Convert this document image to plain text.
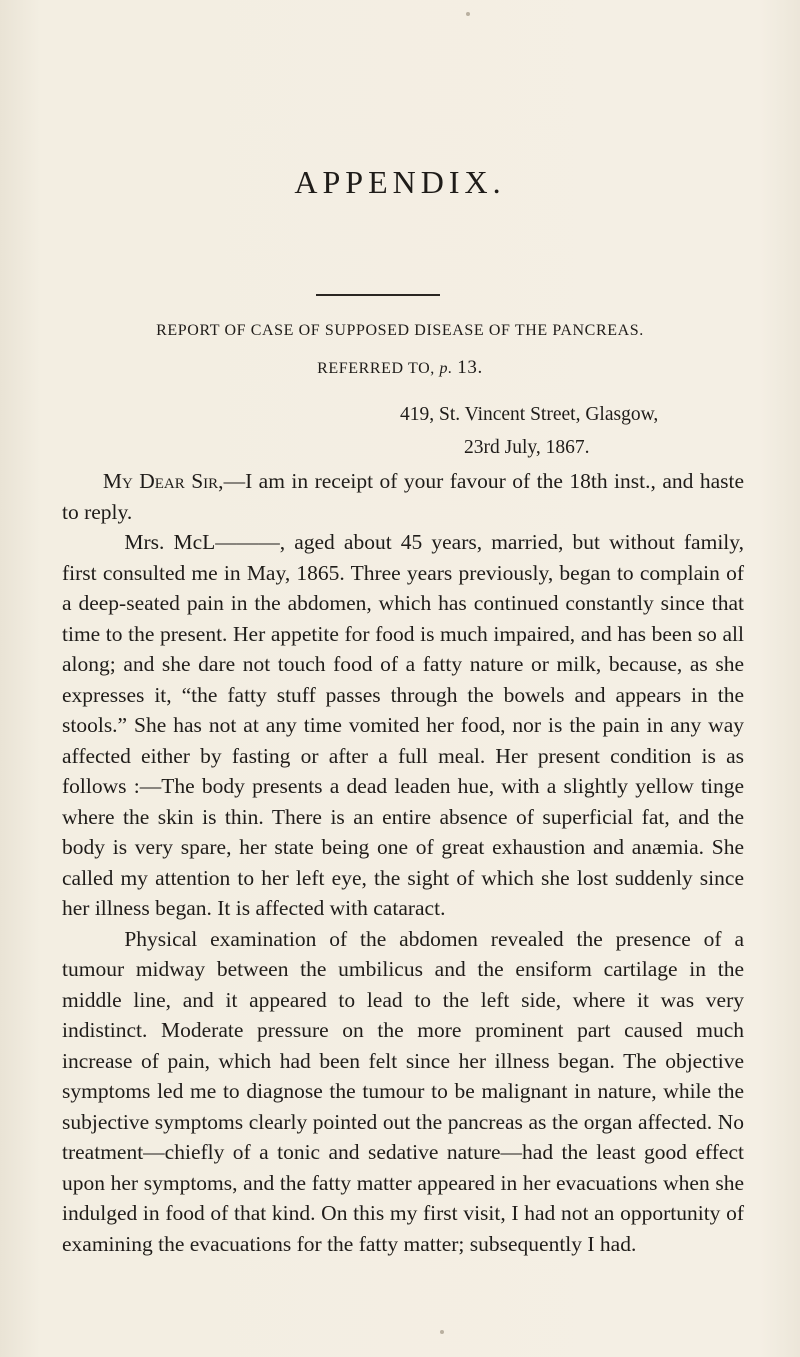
APPENDIX.
REPORT OF CASE OF SUPPOSED DISEASE OF THE PANCREAS.
REFERRED TO, p. 13.
419, St. Vincent Street, Glasgow,
23rd July, 1867.

My Dear Sir,—I am in receipt of your favour of the 18th inst., and haste to reply.

Mrs. McL———, aged about 45 years, married, but without family, first consulted me in May, 1865. Three years previously, began to complain of a deep-seated pain in the abdomen, which has continued constantly since that time to the present. Her appetite for food is much impaired, and has been so all along; and she dare not touch food of a fatty nature or milk, because, as she expresses it, “the fatty stuff passes through the bowels and appears in the stools.” She has not at any time vomited her food, nor is the pain in any way affected either by fasting or after a full meal. Her present condition is as follows :—The body presents a dead leaden hue, with a slightly yellow tinge where the skin is thin. There is an entire absence of superficial fat, and the body is very spare, her state being one of great exhaustion and anæmia. She called my attention to her left eye, the sight of which she lost suddenly since her illness began. It is affected with cataract.

Physical examination of the abdomen revealed the presence of a tumour midway between the umbilicus and the ensiform cartilage in the middle line, and it appeared to lead to the left side, where it was very indistinct. Moderate pressure on the more prominent part caused much increase of pain, which had been felt since her illness began. The objective symptoms led me to diagnose the tumour to be malignant in nature, while the subjective symptoms clearly pointed out the pancreas as the organ affected. No treatment—chiefly of a tonic and sedative nature—had the least good effect upon her symptoms, and the fatty matter appeared in her evacuations when she indulged in food of that kind. On this my first visit, I had not an opportunity of examining the evacuations for the fatty matter; subsequently I had.
